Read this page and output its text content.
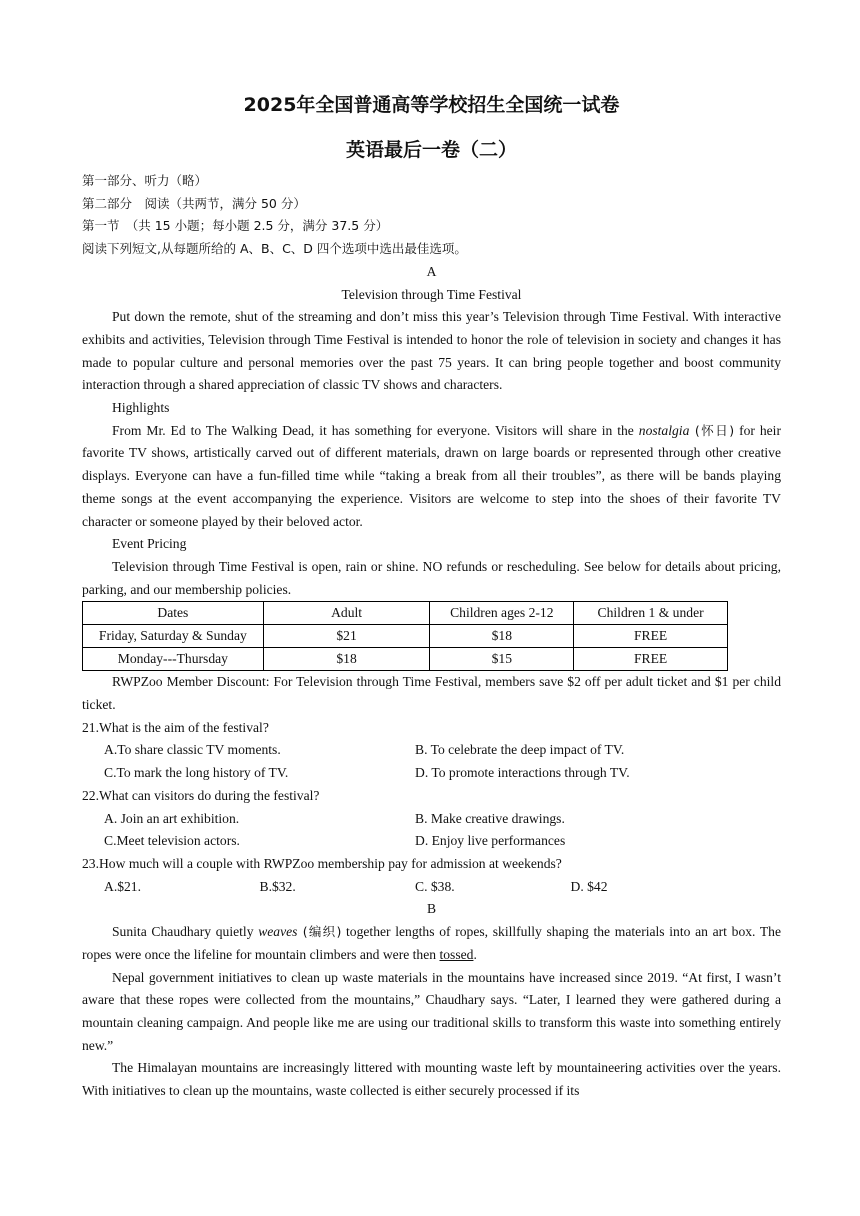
2025年全国普通高等学校招生全国统一试卷
英语最后一卷（二）
第一部分、听力（略）
第二部分　阅读（共两节，满分 50 分）
第一节　（共 15 小题；每小题 2.5 分，满分 37.5 分）
阅读下列短文,从每题所给的 A、B、C、D 四个选项中选出最佳选项。
A
Television through Time Festival
Put down the remote, shut of the streaming and don’t miss this year’s Television through Time Festival. With interactive exhibits and activities, Television through Time Festival is intended to honor the role of television in society and changes it has made to popular culture and personal memories over the past 75 years. It can bring people together and boost community interaction through a shared appreciation of classic TV shows and characters.
Highlights
From Mr. Ed to The Walking Dead, it has something for everyone. Visitors will share in the nostalgia (怀日) for heir favorite TV shows, artistically carved out of different materials, drawn on large boards or represented through other creative displays. Everyone can have a fun-filled time while “taking a break from all their troubles”, as there will be bands playing theme songs at the event accompanying the experience. Visitors are welcome to step into the shoes of their favorite TV character or someone played by their beloved actor.
Event Pricing
Television through Time Festival is open, rain or shine. NO refunds or rescheduling. See below for details about pricing, parking, and our membership policies.
Dates	Adult	Children ages 2-12	Children 1 & under
Friday, Saturday & Sunday	$21	$18	FREE
Monday---Thursday	$18	$15	FREE
RWPZoo Member Discount: For Television through Time Festival, members save $2 off per adult ticket and $1 per child ticket.
21.What is the aim of the festival?
A.To share classic TV moments.	B. To celebrate the deep impact of TV.
C.To mark the long history of TV.	D. To promote interactions through TV.
22.What can visitors do during the festival?
A. Join an art exhibition.	B. Make creative drawings.
C.Meet television actors.	D. Enjoy live performances
23.How much will a couple with RWPZoo membership pay for admission at weekends?
A.$21.	B.$32.	C. $38.	D. $42
B
Sunita Chaudhary quietly weaves (编织) together lengths of ropes, skillfully shaping the materials into an art box. The ropes were once the lifeline for mountain climbers and were then tossed.
Nepal government initiatives to clean up waste materials in the mountains have increased since 2019. “At first, I wasn’t aware that these ropes were collected from the mountains,” Chaudhary says. “Later, I learned they were gathered during a mountain cleaning campaign. And people like me are using our traditional skills to transform this waste into something entirely new.”
The Himalayan mountains are increasingly littered with mounting waste left by mountaineering activities over the years. With initiatives to clean up the mountains, waste collected is either securely processed if its
